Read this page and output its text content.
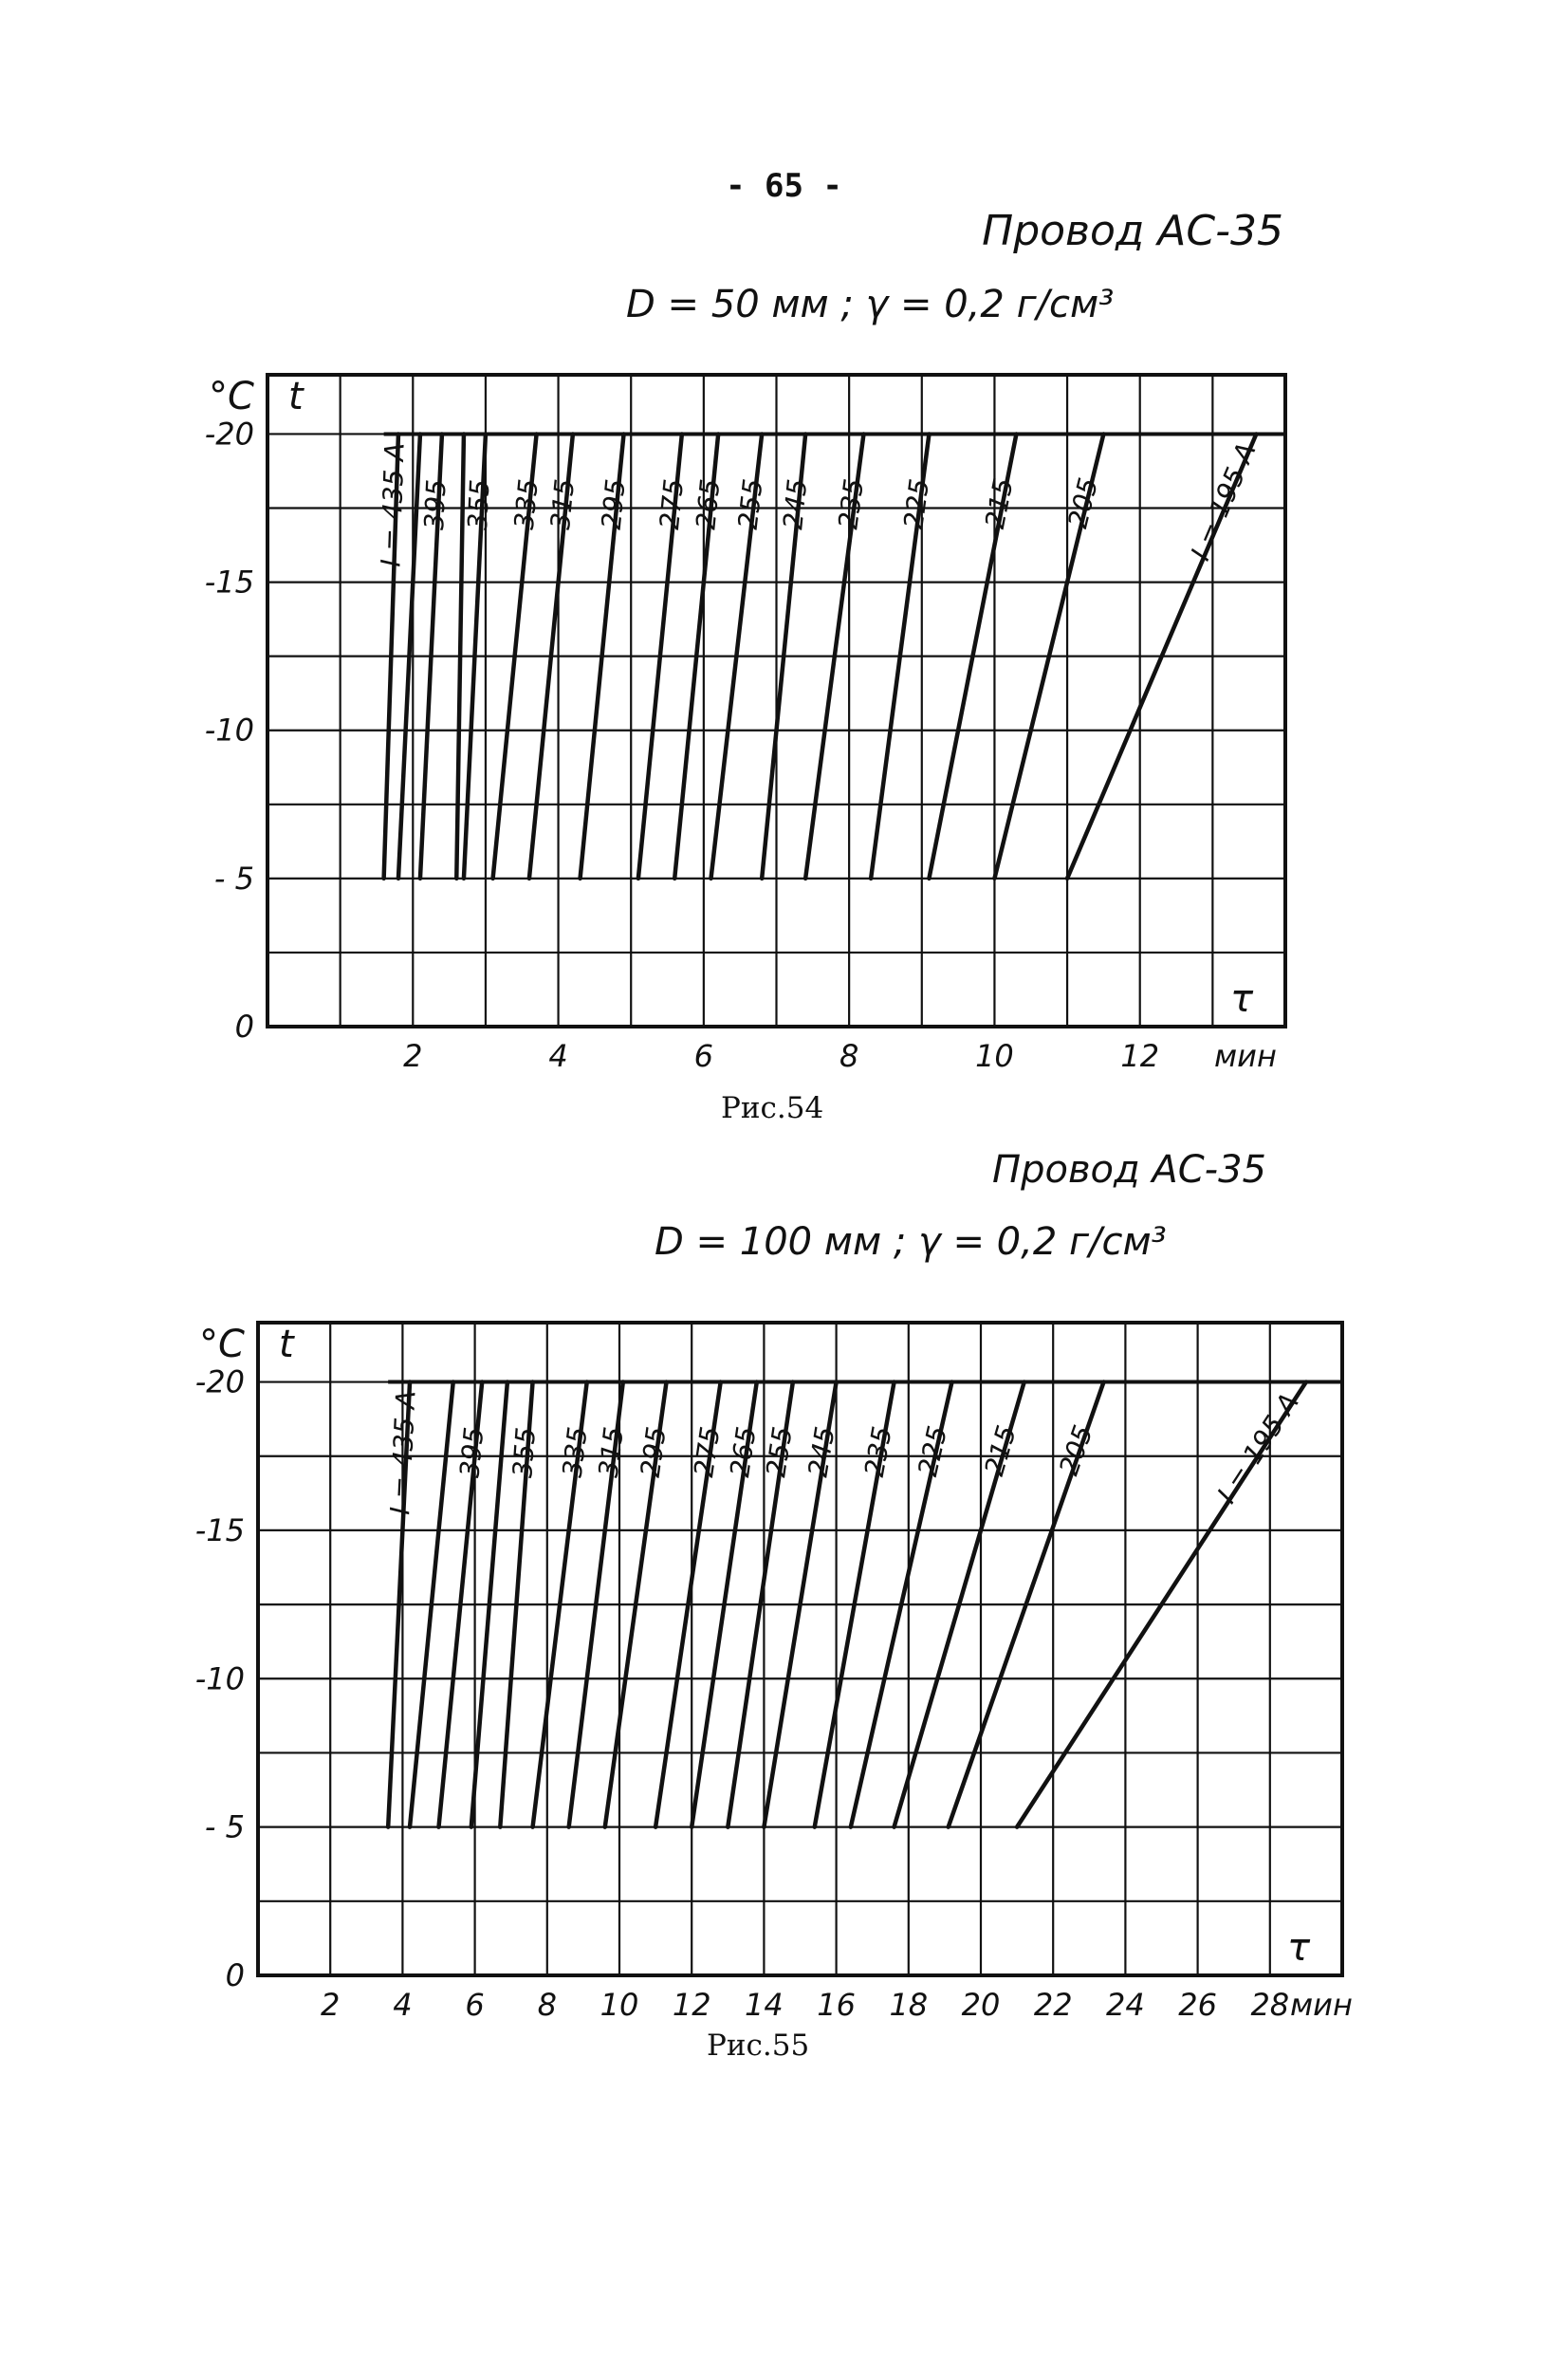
- 65 -
Провод АС-35
D = 50 мм ; γ = 0,2 г/см³
0
- 5
-10
-15
-20
2	4	6	8	10	12
°C t
τ
мин
I = 435 A 395 355 335 315 295 275 265 255 245 235 225 215 205	I = 195 A
Рис.54
Провод АС-35
D = 100 мм ; γ = 0,2 г/см³
0
- 5
-10
-15
-20
2 4 6 8 10 12 14 16 18 20 22 24 26 28
°C t
τ
мин
I = 435 A 395 355 335
315 295 275
265
255 245 235 225 215 205	I = 195 A
Рис.55
